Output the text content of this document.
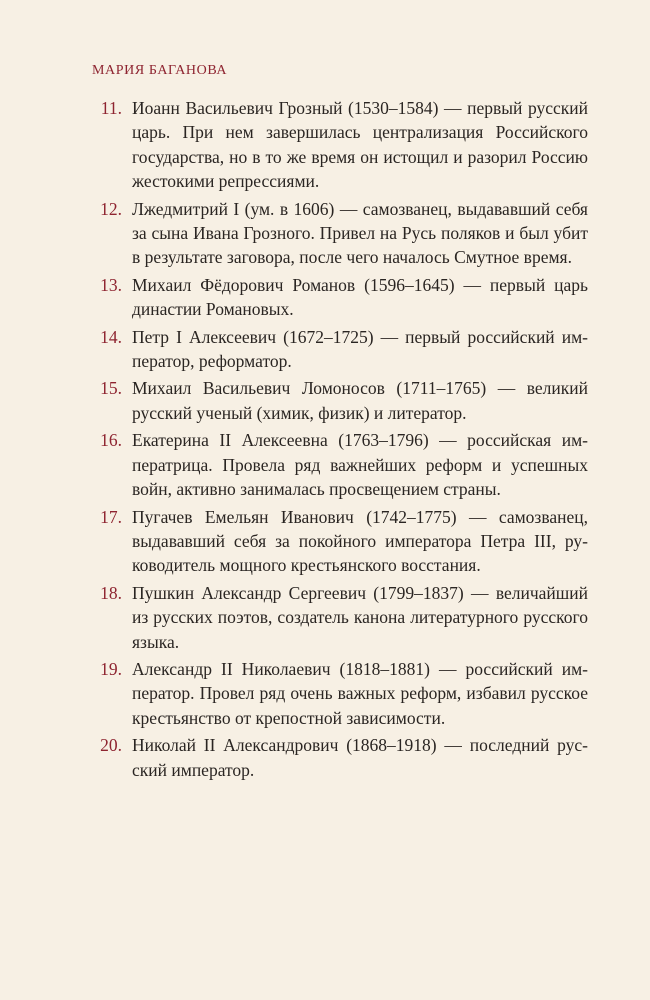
МАРИЯ БАГАНОВА
11. Иоанн Васильевич Грозный (1530–1584) — первый русский царь. При нем завершилась централизация Российского государства, но в то же время он истощил и разорил Россию жестокими репрессиями.
12. Лжедмитрий I (ум. в 1606) — самозванец, выдававший себя за сына Ивана Грозного. Привел на Русь поляков и был убит в результате заговора, после чего началось Смутное время.
13. Михаил Фёдорович Романов (1596–1645) — первый царь династии Романовых.
14. Петр I Алексеевич (1672–1725) — первый российский император, реформатор.
15. Михаил Васильевич Ломоносов (1711–1765) — великий русский ученый (химик, физик) и литератор.
16. Екатерина II Алексеевна (1763–1796) — российская императрица. Провела ряд важнейших реформ и успешных войн, активно занималась просвещением страны.
17. Пугачев Емельян Иванович (1742–1775) — самозванец, выдававший себя за покойного императора Петра III, руководитель мощного крестьянского восстания.
18. Пушкин Александр Сергеевич (1799–1837) — величайший из русских поэтов, создатель канона литературного русского языка.
19. Александр II Николаевич (1818–1881) — российский император. Провел ряд очень важных реформ, избавил русское крестьянство от крепостной зависимости.
20. Николай II Александрович (1868–1918) — последний русский император.
